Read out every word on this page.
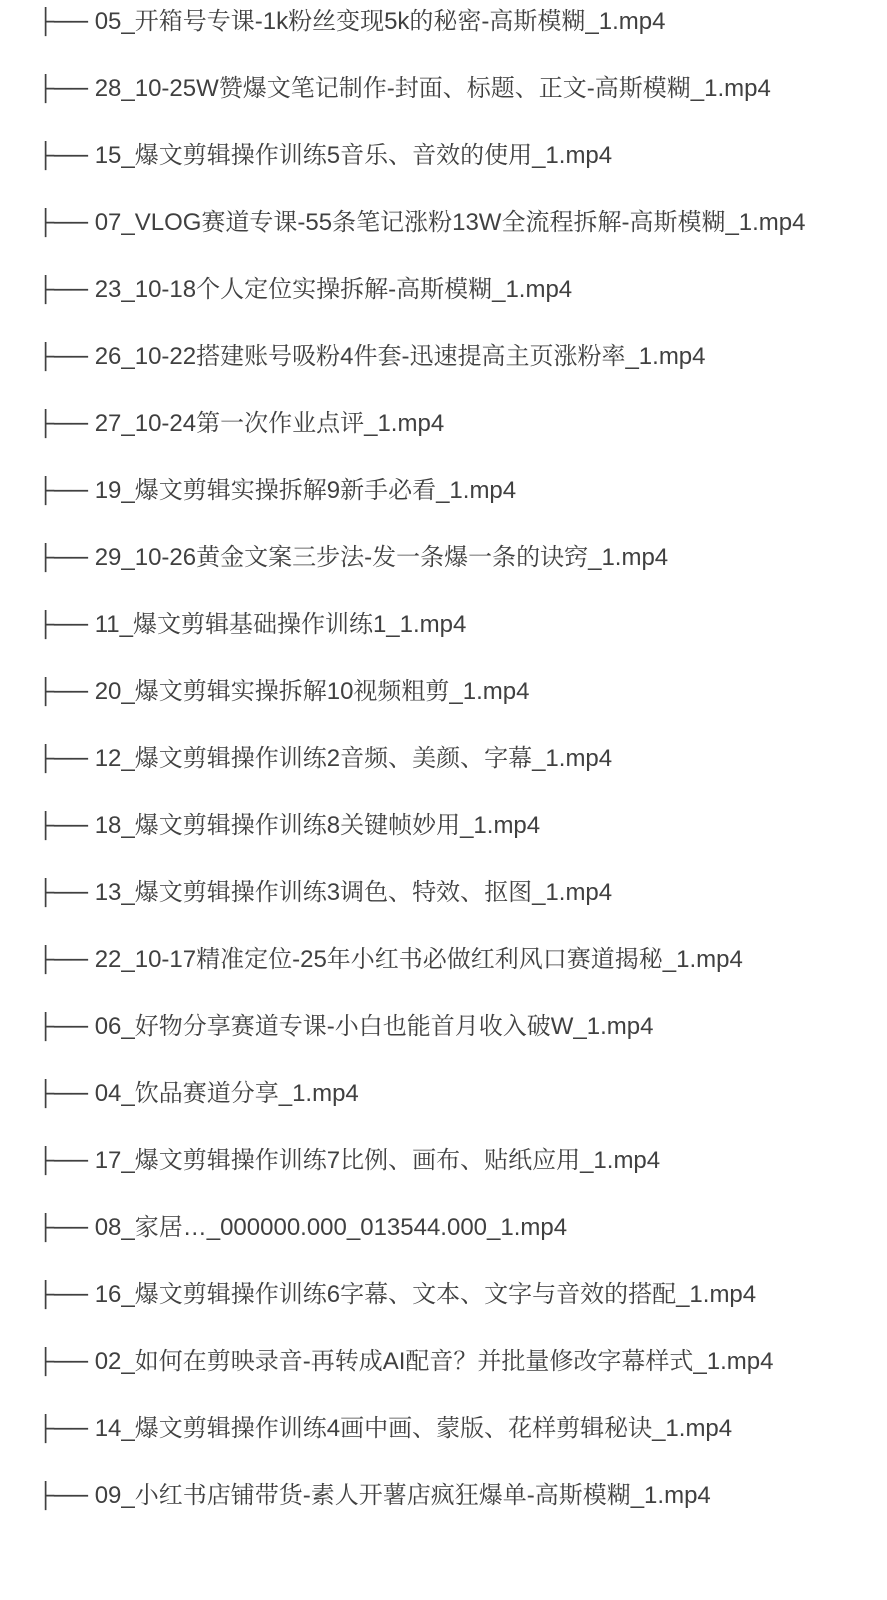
├── 05_开箱号专课-1k粉丝变现5k的秘密-高斯模糊_1.mp4
├── 28_10-25W赞爆文笔记制作-封面、标题、正文-高斯模糊_1.mp4
├── 15_爆文剪辑操作训练5音乐、音效的使用_1.mp4
├── 07_VLOG赛道专课-55条笔记涨粉13W全流程拆解-高斯模糊_1.mp4
├── 23_10-18个人定位实操拆解-高斯模糊_1.mp4
├── 26_10-22搭建账号吸粉4件套-迅速提高主页涨粉率_1.mp4
├── 27_10-24第一次作业点评_1.mp4
├── 19_爆文剪辑实操拆解9新手必看_1.mp4
├── 29_10-26黄金文案三步法-发一条爆一条的诀窍_1.mp4
├── 11_爆文剪辑基础操作训练1_1.mp4
├── 20_爆文剪辑实操拆解10视频粗剪_1.mp4
├── 12_爆文剪辑操作训练2音频、美颜、字幕_1.mp4
├── 18_爆文剪辑操作训练8关键帧妙用_1.mp4
├── 13_爆文剪辑操作训练3调色、特效、抠图_1.mp4
├── 22_10-17精准定位-25年小红书必做红利风口赛道揭秘_1.mp4
├── 06_好物分享赛道专课-小白也能首月收入破W_1.mp4
├── 04_饮品赛道分享_1.mp4
├── 17_爆文剪辑操作训练7比例、画布、贴纸应用_1.mp4
├── 08_家居…_000000.000_013544.000_1.mp4
├── 16_爆文剪辑操作训练6字幕、文本、文字与音效的搭配_1.mp4
├── 02_如何在剪映录音-再转成AI配音？并批量修改字幕样式_1.mp4
├── 14_爆文剪辑操作训练4画中画、蒙版、花样剪辑秘诀_1.mp4
├── 09_小红书店铺带货-素人开薯店疯狂爆单-高斯模糊_1.mp4
